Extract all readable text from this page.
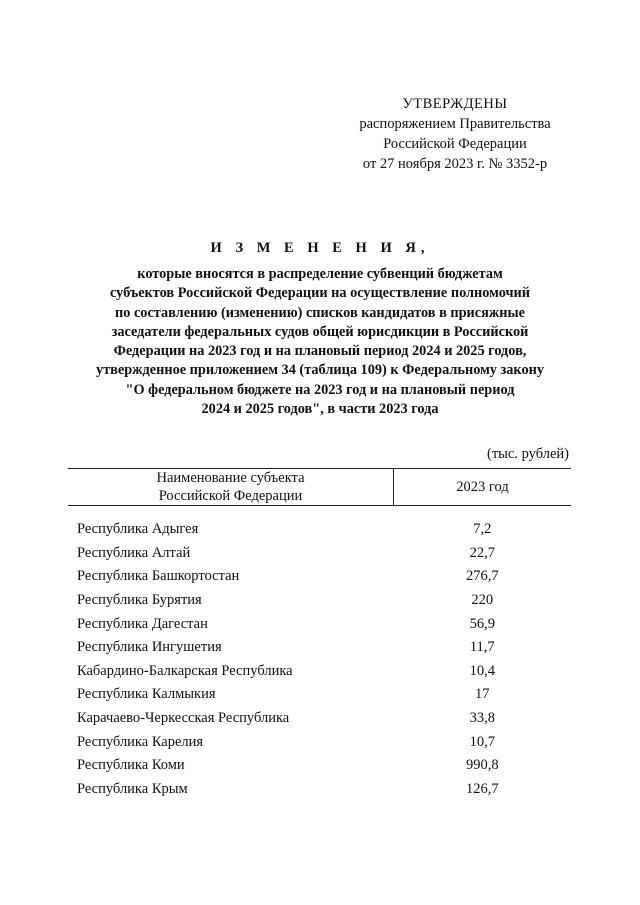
УТВЕРЖДЕНЫ
распоряжением Правительства
Российской Федерации
от 27 ноября 2023 г. № 3352-р
И З М Е Н Е Н И Я,
которые вносятся в распределение субвенций бюджетам
субъектов Российской Федерации на осуществление полномочий
по составлению (изменению) списков кандидатов в присяжные
заседатели федеральных судов общей юрисдикции в Российской
Федерации на 2023 год и на плановый период 2024 и 2025 годов,
утвержденное приложением 34 (таблица 109) к Федеральному закону
"О федеральном бюджете на 2023 год и на плановый период
2024 и 2025 годов", в части 2023 года
(тыс. рублей)
Наименование субъекта
Российской Федерации	2023 год

Республика Адыгея	7,2
Республика Алтай	22,7
Республика Башкортостан	276,7
Республика Бурятия	220
Республика Дагестан	56,9
Республика Ингушетия	11,7
Кабардино-Балкарская Республика	10,4
Республика Калмыкия	17
Карачаево-Черкесская Республика	33,8
Республика Карелия	10,7
Республика Коми	990,8
Республика Крым	126,7
